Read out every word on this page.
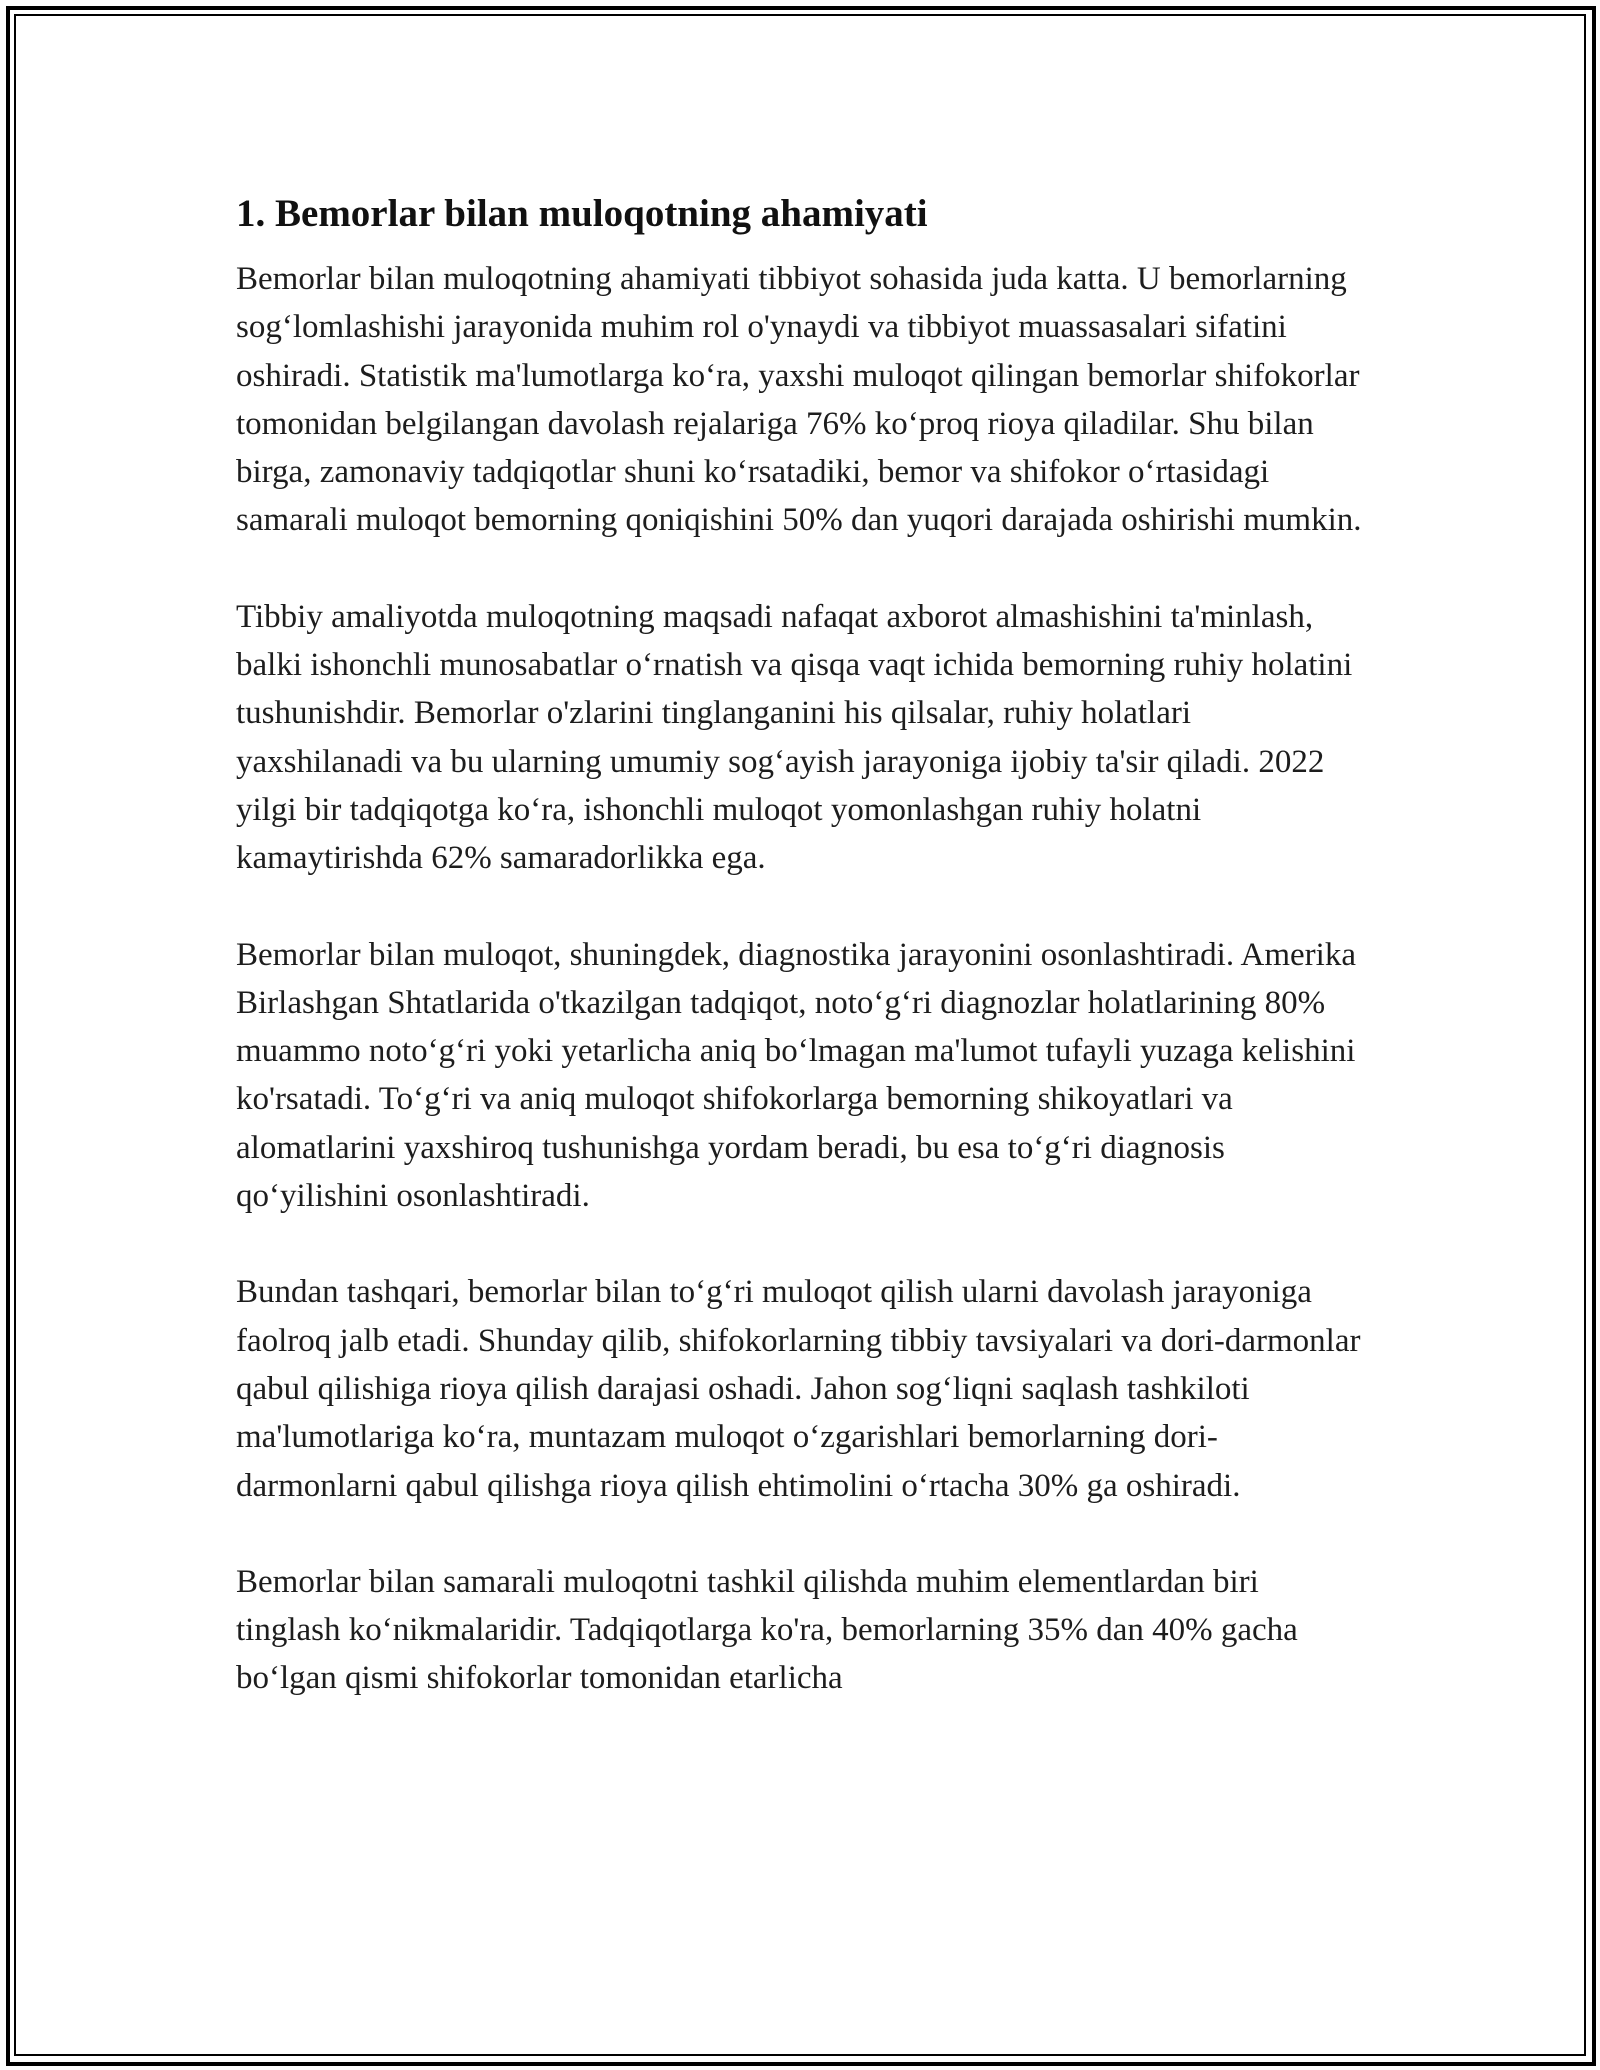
1. Bemorlar bilan muloqotning ahamiyati

Bemorlar bilan muloqotning ahamiyati tibbiyot sohasida juda katta. U bemorlarning sog‘lomlashishi jarayonida muhim rol o'ynaydi va tibbiyot muassasalari sifatini oshiradi. Statistik ma'lumotlarga ko‘ra, yaxshi muloqot qilingan bemorlar shifokorlar tomonidan belgilangan davolash rejalariga 76% ko‘proq rioya qiladilar. Shu bilan birga, zamonaviy tadqiqotlar shuni ko‘rsatadiki, bemor va shifokor o‘rtasidagi samarali muloqot bemorning qoniqishini 50% dan yuqori darajada oshirishi mumkin.

Tibbiy amaliyotda muloqotning maqsadi nafaqat axborot almashishini ta'minlash, balki ishonchli munosabatlar o‘rnatish va qisqa vaqt ichida bemorning ruhiy holatini tushunishdir. Bemorlar o'zlarini tinglanganini his qilsalar, ruhiy holatlari yaxshilanadi va bu ularning umumiy sog‘ayish jarayoniga ijobiy ta'sir qiladi. 2022 yilgi bir tadqiqotga ko‘ra, ishonchli muloqot yomonlashgan ruhiy holatni kamaytirishda 62% samaradorlikka ega.

Bemorlar bilan muloqot, shuningdek, diagnostika jarayonini osonlashtiradi. Amerika Birlashgan Shtatlarida o'tkazilgan tadqiqot, noto‘g‘ri diagnozlar holatlarining 80% muammo noto‘g‘ri yoki yetarlicha aniq bo‘lmagan ma'lumot tufayli yuzaga kelishini ko'rsatadi. To‘g‘ri va aniq muloqot shifokorlarga bemorning shikoyatlari va alomatlarini yaxshiroq tushunishga yordam beradi, bu esa to‘g‘ri diagnosis qo‘yilishini osonlashtiradi.

Bundan tashqari, bemorlar bilan to‘g‘ri muloqot qilish ularni davolash jarayoniga faolroq jalb etadi. Shunday qilib, shifokorlarning tibbiy tavsiyalari va dori-darmonlar qabul qilishiga rioya qilish darajasi oshadi. Jahon sog‘liqni saqlash tashkiloti ma'lumotlariga ko‘ra, muntazam muloqot o‘zgarishlari bemorlarning dori-darmonlarni qabul qilishga rioya qilish ehtimolini o‘rtacha 30% ga oshiradi.

Bemorlar bilan samarali muloqotni tashkil qilishda muhim elementlardan biri tinglash ko‘nikmalaridir. Tadqiqotlarga ko'ra, bemorlarning 35% dan 40% gacha bo‘lgan qismi shifokorlar tomonidan etarlicha
